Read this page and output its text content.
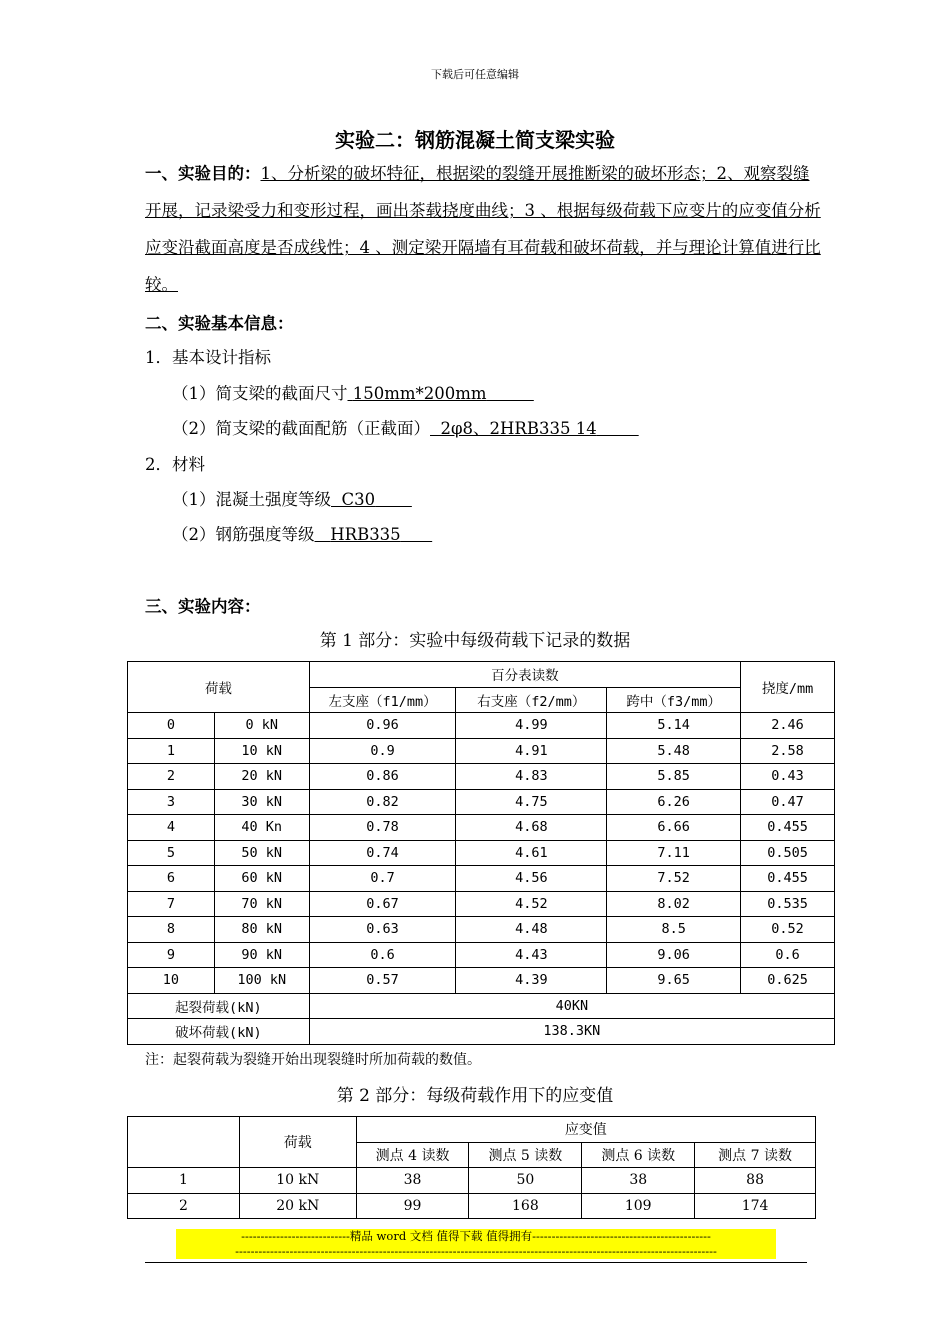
下载后可任意编辑
实验二：钢筋混凝土简支梁实验
一、实验目的：1、分析梁的破坏特征，根据梁的裂缝开展推断梁的破坏形态；2、观察裂缝开展，记录梁受力和变形过程，画出茶载挠度曲线；3 、根据每级荷载下应变片的应变值分析应变沿截面高度是否成线性；4 、测定梁开隔墙有耳荷载和破坏荷载，并与理论计算值进行比较。
二、实验基本信息：
1．基本设计指标
（1）简支梁的截面尺寸 150mm*200mm
（2）简支梁的截面配筋（正截面） 2φ8、2HRB335 14
2．材料
（1）混凝土强度等级 C30
（2）钢筋强度等级 HRB335
三、实验内容：
第 1 部分：实验中每级荷载下记录的数据
荷载		百分表读数			挠度/mm
		左支座（f1/mm）	右支座（f2/mm）	跨中（f3/mm）	
0	0 kN	0.96	4.99	5.14	2.46
1	10 kN	0.9	4.91	5.48	2.58
2	20 kN	0.86	4.83	5.85	0.43
3	30 kN	0.82	4.75	6.26	0.47
4	40 Kn	0.78	4.68	6.66	0.455
5	50 kN	0.74	4.61	7.11	0.505
6	60 kN	0.7	4.56	7.52	0.455
7	70 kN	0.67	4.52	8.02	0.535
8	80 kN	0.63	4.48	8.5	0.52
9	90 kN	0.6	4.43	9.06	0.6
10	100 kN	0.57	4.39	9.65	0.625
起裂荷载(kN)		40KN			
破坏荷载(kN)		138.3KN			
注：起裂荷载为裂缝开始出现裂缝时所加荷载的数值。
第 2 部分：每级荷载作用下的应变值
	荷载	应变值			
		测点 4 读数	测点 5 读数	测点 6 读数	测点 7 读数
1	10 kN	38	50	38	88
2	20 kN	99	168	109	174
----------------------------精品 word 文档 值得下载 值得拥有----------------------------------------------
----------------------------------------------------------------------------------------------------------------------------
